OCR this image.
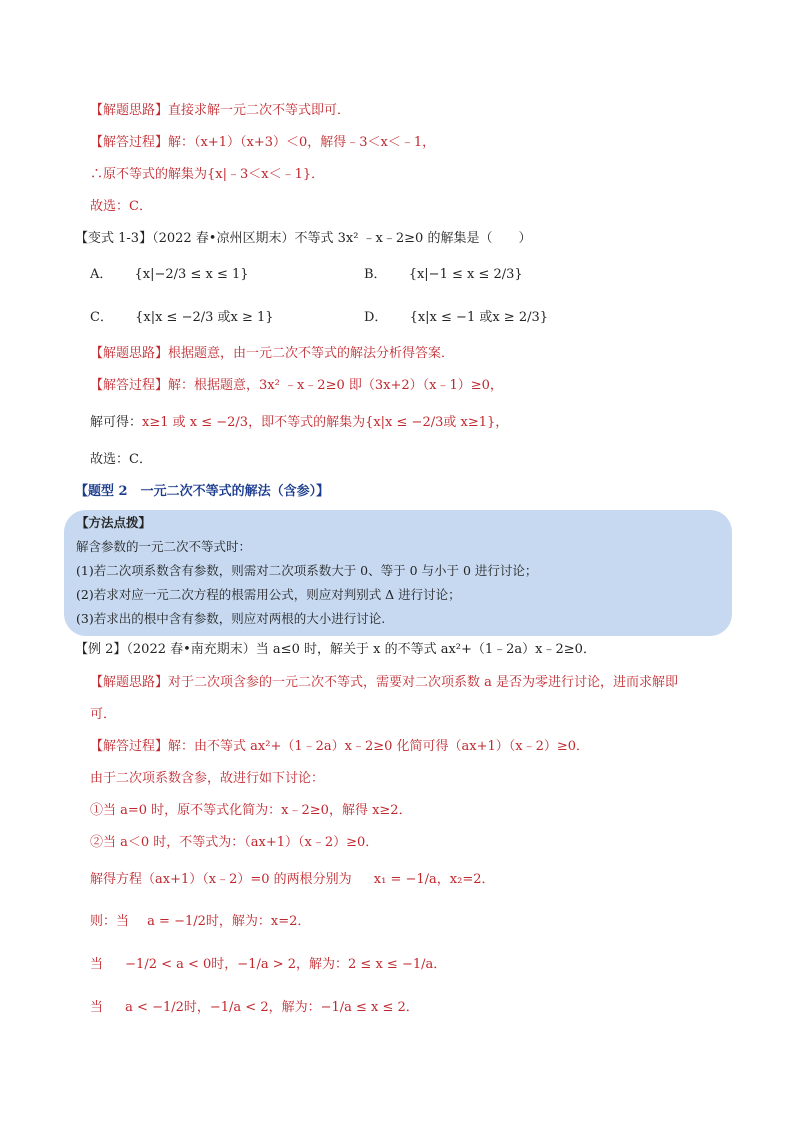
【解题思路】直接求解一元二次不等式即可．
【解答过程】解：（x+1）（x+3）＜0，解得﹣3＜x＜﹣1，
∴原不等式的解集为{x|﹣3＜x＜﹣1}．
故选：C．
【变式 1-3】（2022 春•凉州区期末）不等式 3x² ﹣x﹣2≥0 的解集是（　　）
A． {x|−2/3 ≤ x ≤ 1}	B． {x|−1 ≤ x ≤ 2/3}
C． {x|x ≤ −2/3 或x ≥ 1}	D． {x|x ≤ −1 或x ≥ 2/3}
【解题思路】根据题意，由一元二次不等式的解法分析得答案．
【解答过程】解：根据题意，3x² ﹣x﹣2≥0 即（3x+2）（x﹣1）≥0，
解可得：x≥1 或 x ≤ −2/3，即不等式的解集为{x|x ≤ −2/3或 x≥1}，
故选：C．
【题型 2　一元二次不等式的解法（含参）】
【方法点拨】
解含参数的一元二次不等式时：
(1)若二次项系数含有参数，则需对二次项系数大于 0、等于 0 与小于 0 进行讨论；
(2)若求对应一元二次方程的根需用公式，则应对判别式 Δ 进行讨论；
(3)若求出的根中含有参数，则应对两根的大小进行讨论.
【例 2】（2022 春•南充期末）当 a≤0 时，解关于 x 的不等式 ax²+（1﹣2a）x﹣2≥0．
【解题思路】对于二次项含参的一元二次不等式，需要对二次项系数 a 是否为零进行讨论，进而求解即
可．
【解答过程】解：由不等式 ax²+（1﹣2a）x﹣2≥0 化简可得（ax+1）（x﹣2）≥0．
由于二次项系数含参，故进行如下讨论：
①当 a=0 时，原不等式化简为：x﹣2≥0，解得 x≥2．
②当 a＜0 时，不等式为：（ax+1）（x﹣2）≥0．
解得方程（ax+1）（x﹣2）=0 的两根分别为 x₁ = −1/a，x₂=2．
则：当 a = −1/2时，解为：x=2．
当 −1/2 < a < 0时，−1/a > 2，解为：2 ≤ x ≤ −1/a．
当 a < −1/2时，−1/a < 2，解为：−1/a ≤ x ≤ 2．
